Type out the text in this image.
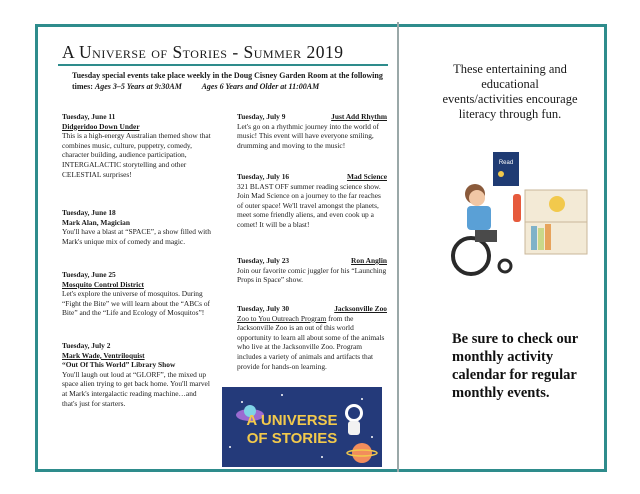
A Universe of Stories - Summer 2019
Tuesday special events take place weekly in the Doug Cisney Garden Room at the following times: Ages 3–5 Years at 9:30AM          Ages 6 Years and Older at 11:00AM
Tuesday, June 11
Didgeridoo Down Under
This is a high-energy Australian themed show that combines music, culture, puppetry, comedy, character building, audience participation, INTERGALACTIC storytelling and other CELESTIAL surprises!
Tuesday, June 18
Mark Alan, Magician
You'll have a blast at “SPACE”, a show filled with Mark's unique mix of comedy and magic.
Tuesday, June 25
Mosquito Control District
Let's explore the universe of mosquitos. During “Fight the Bite” we will learn about the “ABCs of Bite” and the “Life and Ecology of Mosquitos”!
Tuesday, July 2
Mark Wade, Ventriloquist
“Out Of This World” Library Show
You'll laugh out loud at “GLORF”, the mixed up space alien trying to get back home. You'll marvel at Mark's intergalactic reading machine…and that's just for starters.
Tuesday, July 9	Just Add Rhythm
Let's go on a rhythmic journey into the world of music! This event will have everyone smiling, drumming and moving to the music!
Tuesday, July 16	Mad Science
321 BLAST OFF summer reading science show. Join Mad Science on a journey to the far reaches of outer space! We'll travel amongst the planets, meet some friendly aliens, and even cook up a comet! It will be a blast!
Tuesday, July 23	Ron Anglin
Join our favorite comic juggler for his “Launching Props in Space” show.
Tuesday, July 30	Jacksonville Zoo
Zoo to You Outreach Program from the Jacksonville Zoo is an out of this world opportunity to learn all about some of the animals who live at the Jacksonville Zoo. Program includes a variety of animals and artifacts that provide for hands-on learning.
A UNIVERSE
OF STORIES
These entertaining and educational events/activities encourage literacy through fun.
Read
Be sure to check our monthly activity calendar for regular monthly events.
